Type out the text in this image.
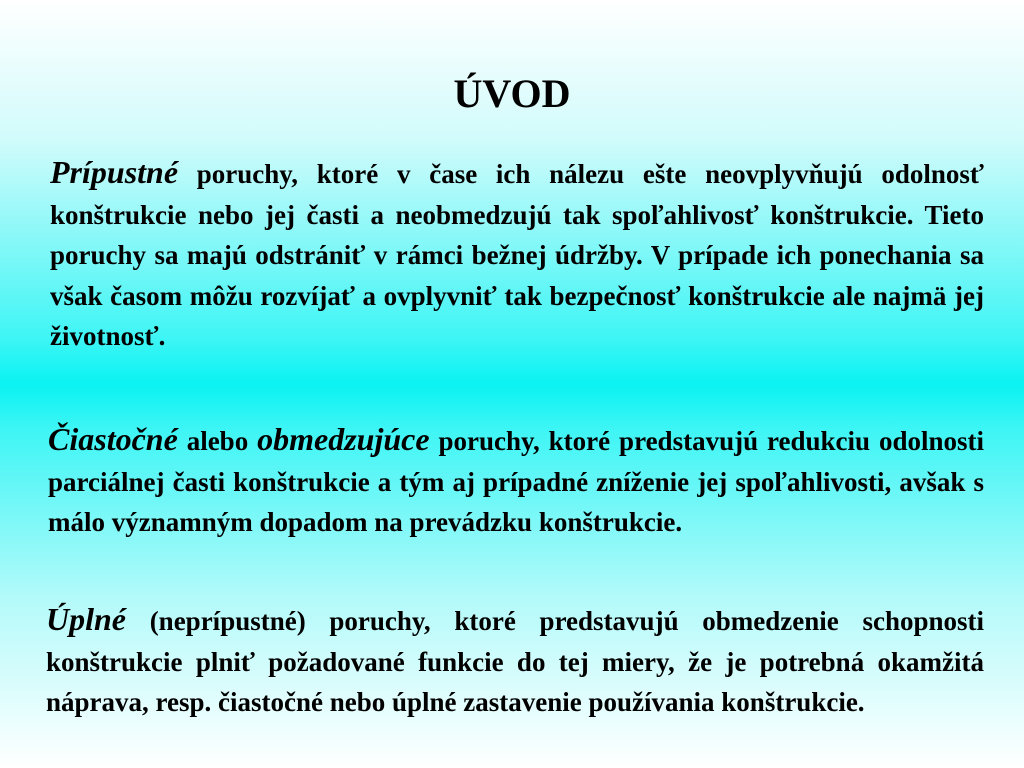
ÚVOD

Prípustné poruchy, ktoré v čase ich nálezu ešte neovplyvňujú odolnosť konštrukcie nebo jej časti a neobmedzujú tak spoľahlivosť konštrukcie. Tieto poruchy sa majú odstrániť v rámci bežnej údržby. V prípade ich ponechania sa však časom môžu rozvíjať a ovplyvniť tak bezpečnosť konštrukcie ale najmä jej životnosť.

Čiastočné alebo obmedzujúce poruchy, ktoré predstavujú redukciu odolnosti parciálnej časti konštrukcie a tým aj prípadné zníženie jej spoľahlivosti, avšak s málo významným dopadom na prevádzku konštrukcie.

Úplné (neprípustné) poruchy, ktoré predstavujú obmedzenie schopnosti konštrukcie plniť požadované funkcie do tej miery, že je potrebná okamžitá náprava, resp. čiastočné nebo úplné zastavenie používania konštrukcie.
